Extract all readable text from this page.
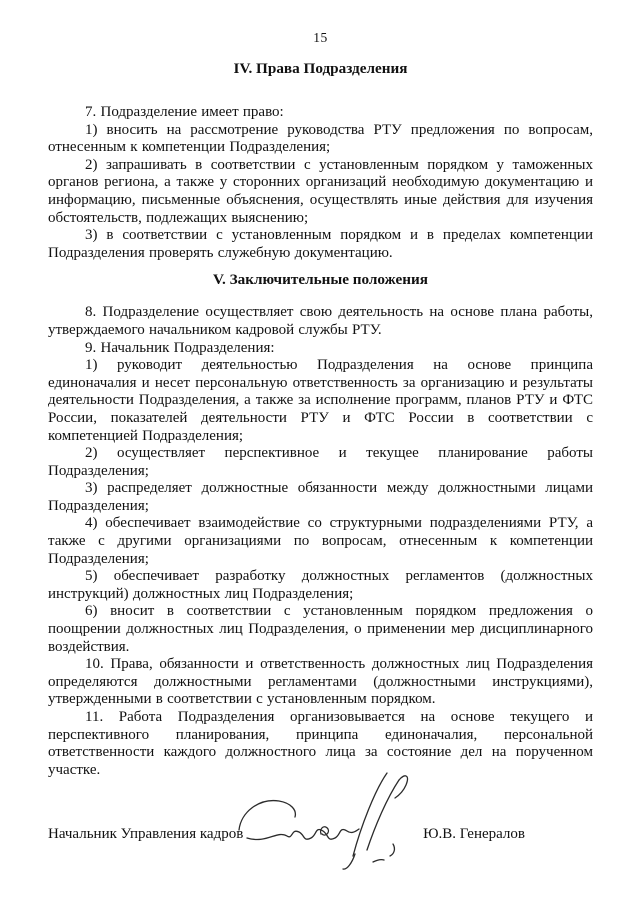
15
IV. Права Подразделения

7. Подразделение имеет право:

1) вносить на рассмотрение руководства РТУ предложения по вопросам, отнесенным к компетенции Подразделения;

2) запрашивать в соответствии с установленным порядком у таможенных органов региона, а также у сторонних организаций необходимую документацию и информацию, письменные объяснения, осуществлять иные действия для изучения обстоятельств, подлежащих выяснению;

3) в соответствии с установленным порядком и в пределах компетенции Подразделения проверять служебную документацию.

V. Заключительные положения

8. Подразделение осуществляет свою деятельность на основе плана работы, утверждаемого начальником кадровой службы РТУ.

9. Начальник Подразделения:

1) руководит деятельностью Подразделения на основе принципа единоначалия и несет персональную ответственность за организацию и результаты деятельности Подразделения, а также за исполнение программ, планов РТУ и ФТС России, показателей деятельности РТУ и ФТС России в соответствии с компетенцией Подразделения;

2) осуществляет перспективное и текущее планирование работы Подразделения;

3) распределяет должностные обязанности между должностными лицами Подразделения;

4) обеспечивает взаимодействие со структурными подразделениями РТУ, а также с другими организациями по вопросам, отнесенным к компетенции Подразделения;

5) обеспечивает разработку должностных регламентов (должностных инструкций) должностных лиц Подразделения;

6) вносит в соответствии с установленным порядком предложения о поощрении должностных лиц Подразделения, о применении мер дисциплинарного воздействия.

10. Права, обязанности и ответственность должностных лиц Подразделения определяются должностными регламентами (должностными инструкциями), утвержденными в соответствии с установленным порядком.

11. Работа Подразделения организовывается на основе текущего и перспективного планирования, принципа единоначалия, персональной ответственности каждого должностного лица за состояние дел на порученном участке.

Начальник Управления кадров	Ю.В. Генералов
